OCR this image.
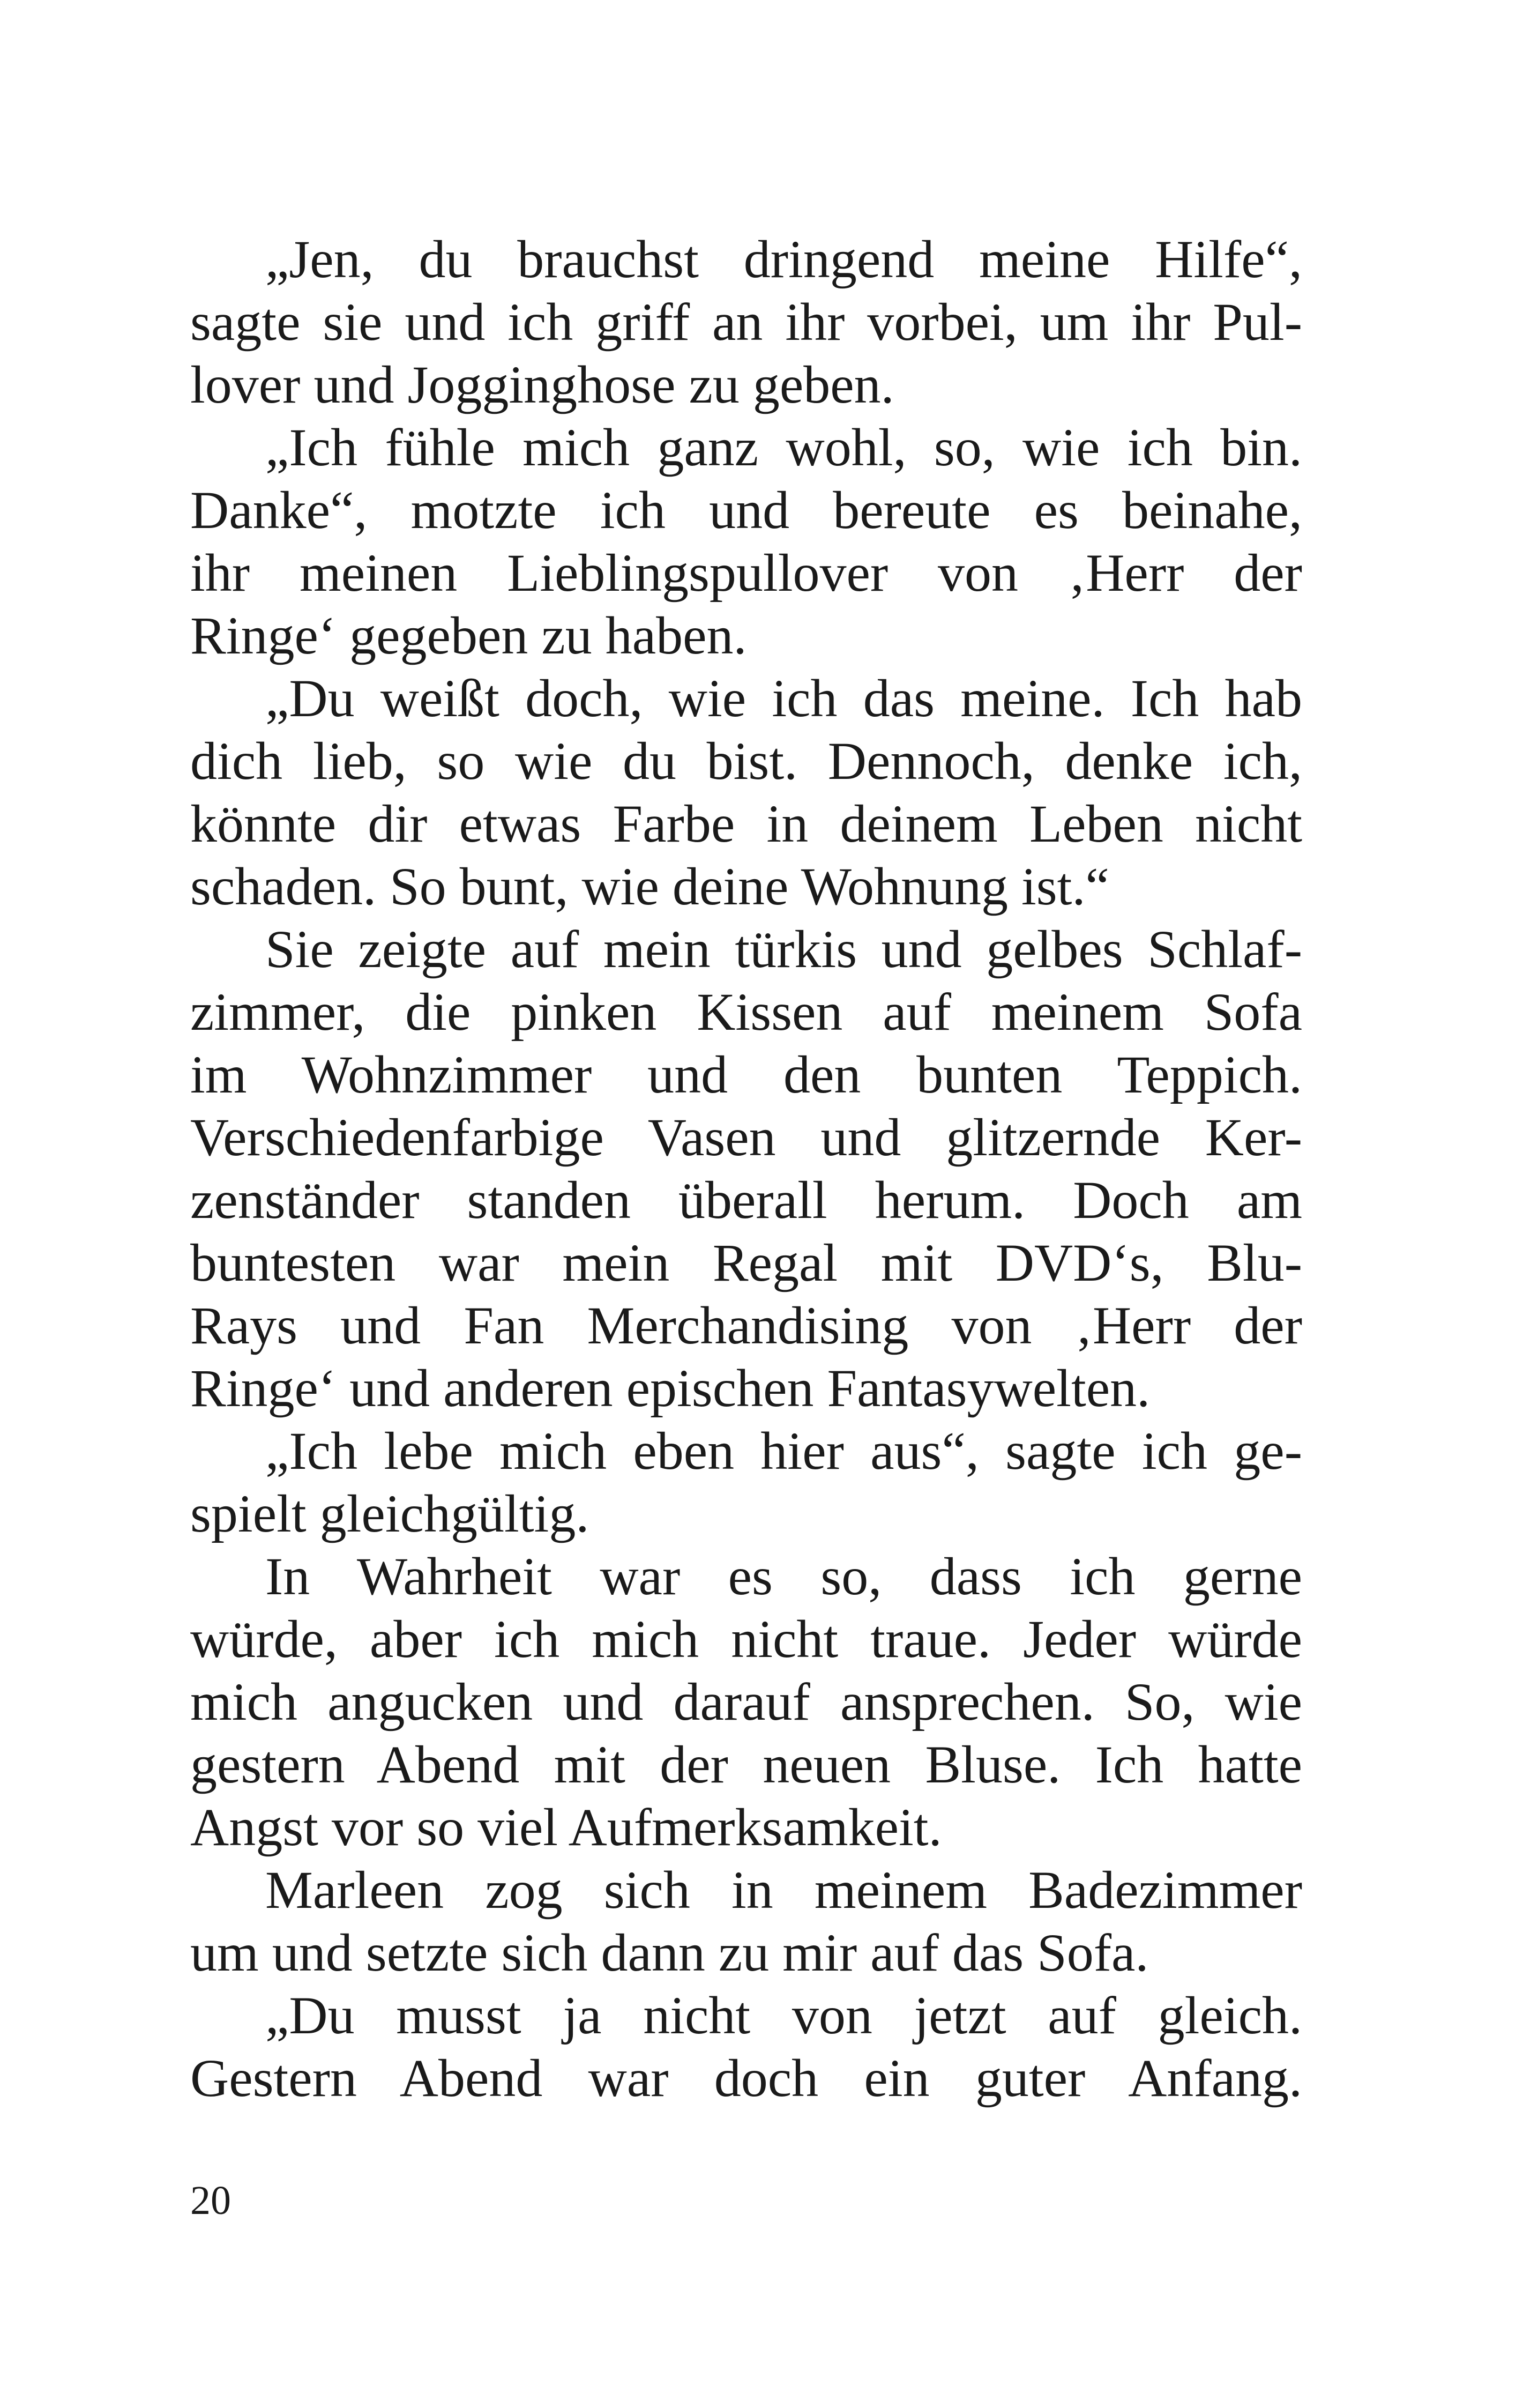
„Jen, du brauchst dringend meine Hilfe“,
sagte sie und ich griff an ihr vorbei, um ihr Pul-
lover und Jogginghose zu geben.
„Ich fühle mich ganz wohl, so, wie ich bin.
Danke“, motzte ich und bereute es beinahe,
ihr meinen Lieblingspullover von ‚Herr der
Ringe‘ gegeben zu haben.
„Du weißt doch, wie ich das meine. Ich hab
dich lieb, so wie du bist. Dennoch, denke ich,
könnte dir etwas Farbe in deinem Leben nicht
schaden. So bunt, wie deine Wohnung ist.“
Sie zeigte auf mein türkis und gelbes Schlaf-
zimmer, die pinken Kissen auf meinem Sofa
im Wohnzimmer und den bunten Teppich.
Verschiedenfarbige Vasen und glitzernde Ker-
zenständer standen überall herum. Doch am
buntesten war mein Regal mit DVD‘s, Blu-
Rays und Fan Merchandising von ‚Herr der
Ringe‘ und anderen epischen Fantasywelten.
„Ich lebe mich eben hier aus“, sagte ich ge-
spielt gleichgültig.
In Wahrheit war es so, dass ich gerne
würde, aber ich mich nicht traue. Jeder würde
mich angucken und darauf ansprechen. So, wie
gestern Abend mit der neuen Bluse. Ich hatte
Angst vor so viel Aufmerksamkeit.
Marleen zog sich in meinem Badezimmer
um und setzte sich dann zu mir auf das Sofa.
„Du musst ja nicht von jetzt auf gleich.
Gestern Abend war doch ein guter Anfang.
20
